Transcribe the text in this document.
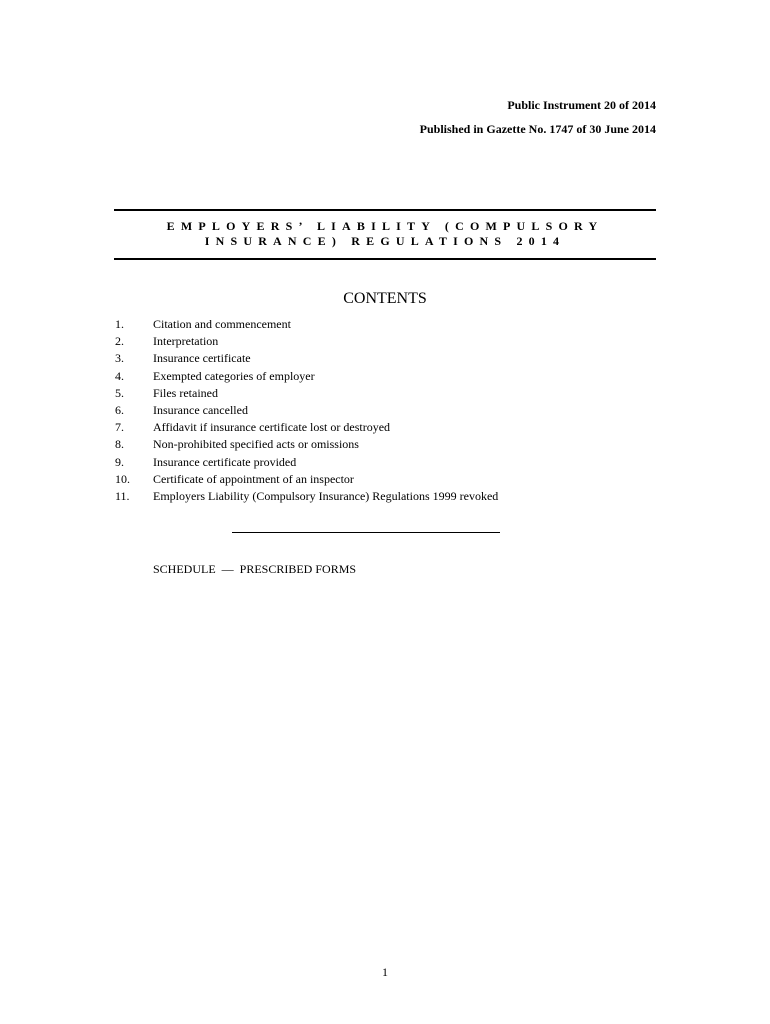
Public Instrument 20 of 2014
Published in Gazette No. 1747 of 30 June 2014
EMPLOYERS’ LIABILITY (COMPULSORY
INSURANCE) REGULATIONS 2014
CONTENTS
1. Citation and commencement
2. Interpretation
3. Insurance certificate
4. Exempted categories of employer
5. Files retained
6. Insurance cancelled
7. Affidavit if insurance certificate lost or destroyed
8. Non-prohibited specified acts or omissions
9. Insurance certificate provided
10. Certificate of appointment of an inspector
11. Employers Liability (Compulsory Insurance) Regulations 1999 revoked
SCHEDULE  —  PRESCRIBED FORMS
1
